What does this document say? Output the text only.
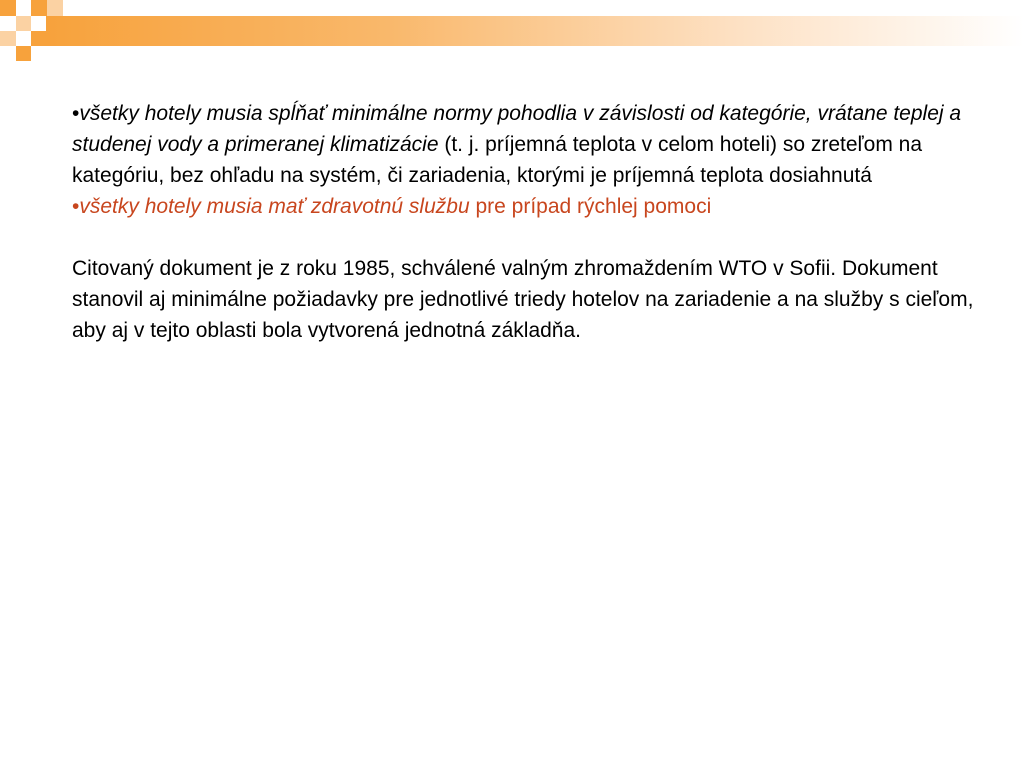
•všetky hotely musia spĺňať minimálne normy pohodlia v závislosti od kategórie, vrátane teplej a studenej vody a primeranej klimatizácie (t. j. príjemná teplota v celom hoteli) so zreteľom na kategóriu, bez ohľadu na systém, či zariadenia, ktorými je príjemná teplota dosiahnutá

•všetky hotely musia mať zdravotnú službu pre prípad rýchlej pomoci

Citovaný dokument je z roku 1985, schválené valným zhromaždením WTO v Sofii. Dokument stanovil aj minimálne požiadavky pre jednotlivé triedy hotelov na zariadenie a na služby s cieľom, aby aj v tejto oblasti bola vytvorená jednotná základňa.
